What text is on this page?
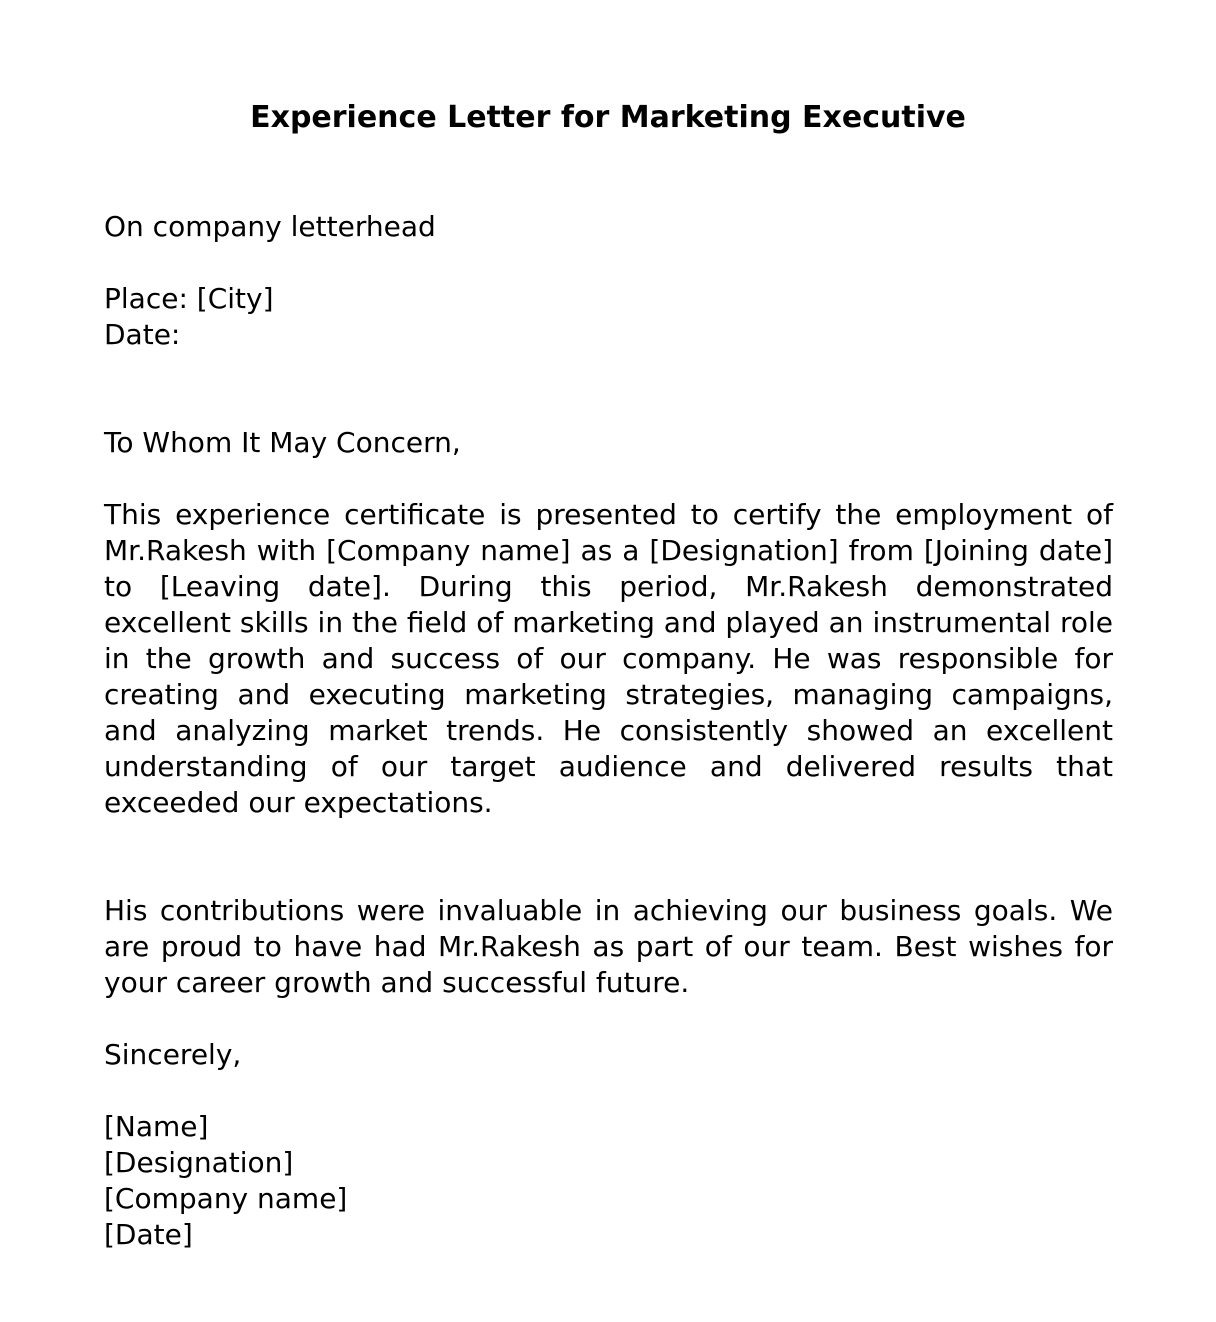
Experience Letter for Marketing Executive

On company letterhead

Place: [City]

Date:

To Whom It May Concern,

This experience certificate is presented to certify the employment of Mr.Rakesh with [Company name] as a [Designation] from [Joining date] to [Leaving date]. During this period, Mr.Rakesh demonstrated excellent skills in the field of marketing and played an instrumental role in the growth and success of our company. He was responsible for creating and executing marketing strategies, managing campaigns, and analyzing market trends. He consistently showed an excellent understanding of our target audience and delivered results that exceeded our expectations.

His contributions were invaluable in achieving our business goals. We are proud to have had Mr.Rakesh as part of our team. Best wishes for your career growth and successful future.

Sincerely,

[Name]

[Designation]

[Company name]

[Date]
